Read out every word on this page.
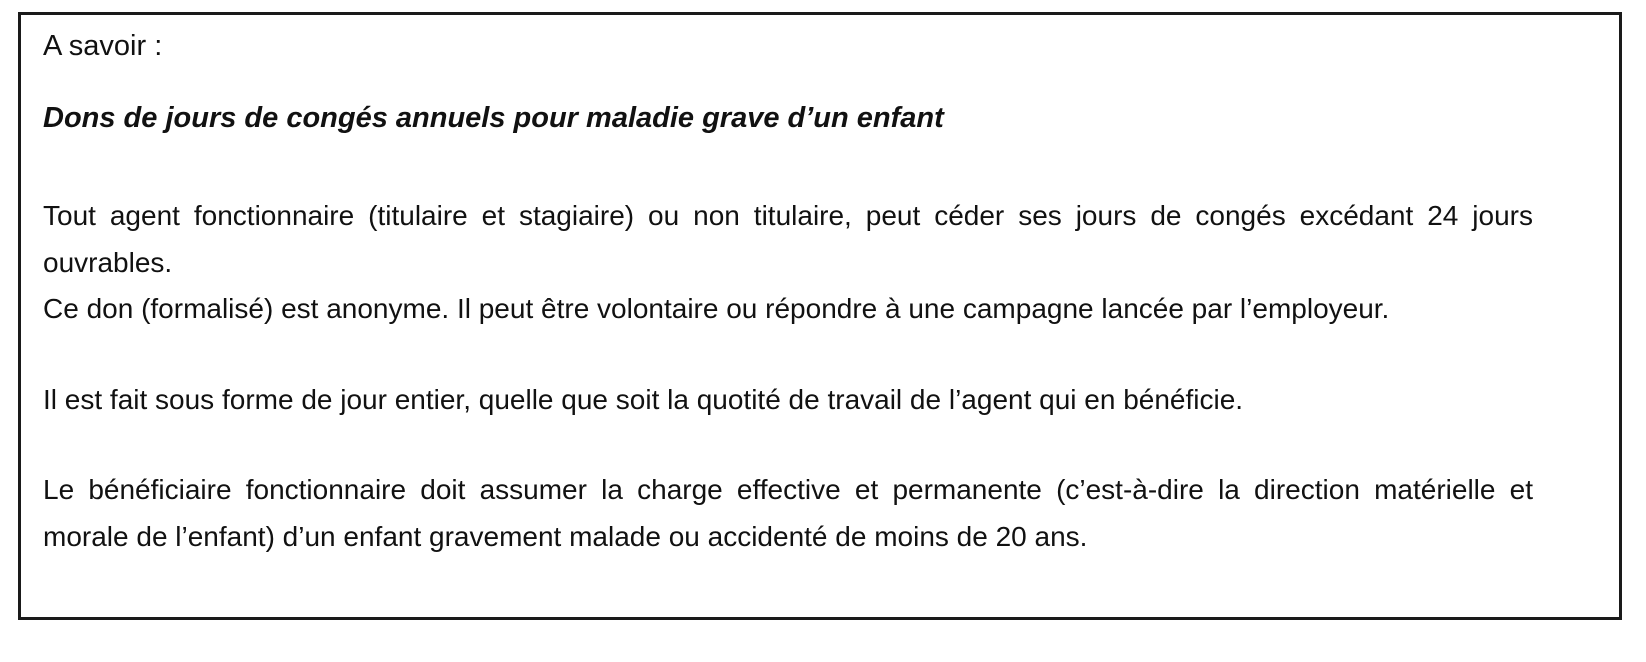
A savoir :
Dons de jours de congés annuels pour maladie grave d’un enfant

Tout agent fonctionnaire (titulaire et stagiaire) ou non titulaire, peut céder ses jours de congés excédant 24 jours ouvrables.

Ce don (formalisé) est anonyme. Il peut être volontaire ou répondre à une campagne lancée par l’employeur.

Il est fait sous forme de jour entier, quelle que soit la quotité de travail de l’agent qui en bénéficie.

Le bénéficiaire fonctionnaire doit assumer la charge effective et permanente (c’est-à-dire la direction matérielle et morale de l’enfant) d’un enfant gravement malade ou accidenté de moins de 20 ans.
